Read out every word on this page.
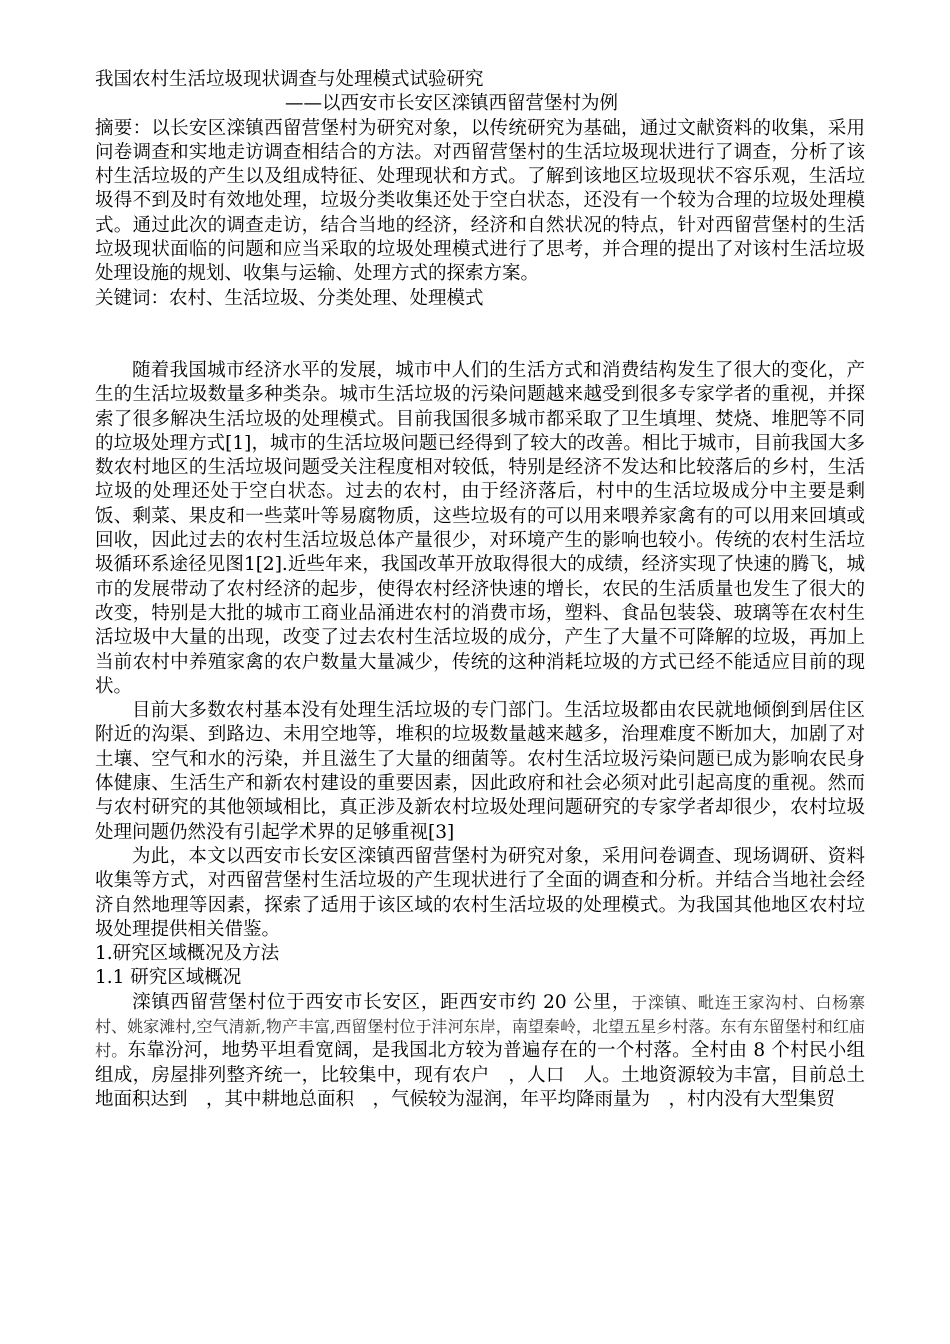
我国农村生活垃圾现状调查与处理模式试验研究

——以西安市长安区滦镇西留营堡村为例

摘要：以长安区滦镇西留营堡村为研究对象，以传统研究为基础，通过文献资料的收集，采用问卷调查和实地走访调查相结合的方法。对西留营堡村的生活垃圾现状进行了调查，分析了该村生活垃圾的产生以及组成特征、处理现状和方式。了解到该地区垃圾现状不容乐观，生活垃圾得不到及时有效地处理，垃圾分类收集还处于空白状态，还没有一个较为合理的垃圾处理模式。通过此次的调查走访，结合当地的经济，经济和自然状况的特点，针对西留营堡村的生活垃圾现状面临的问题和应当采取的垃圾处理模式进行了思考，并合理的提出了对该村生活垃圾处理设施的规划、收集与运输、处理方式的探索方案。

关键词：农村、生活垃圾、分类处理、处理模式

随着我国城市经济水平的发展，城市中人们的生活方式和消费结构发生了很大的变化，产生的生活垃圾数量多种类杂。城市生活垃圾的污染问题越来越受到很多专家学者的重视，并探索了很多解决生活垃圾的处理模式。目前我国很多城市都采取了卫生填埋、焚烧、堆肥等不同的垃圾处理方式[1]，城市的生活垃圾问题已经得到了较大的改善。相比于城市，目前我国大多数农村地区的生活垃圾问题受关注程度相对较低，特别是经济不发达和比较落后的乡村，生活垃圾的处理还处于空白状态。过去的农村，由于经济落后，村中的生活垃圾成分中主要是剩饭、剩菜、果皮和一些菜叶等易腐物质，这些垃圾有的可以用来喂养家禽有的可以用来回填或回收，因此过去的农村生活垃圾总体产量很少，对环境产生的影响也较小。传统的农村生活垃圾循环系途径见图1[2].近些年来，我国改革开放取得很大的成绩，经济实现了快速的腾飞，城市的发展带动了农村经济的起步，使得农村经济快速的增长，农民的生活质量也发生了很大的改变，特别是大批的城市工商业品涌进农村的消费市场，塑料、食品包装袋、玻璃等在农村生活垃圾中大量的出现，改变了过去农村生活垃圾的成分，产生了大量不可降解的垃圾，再加上当前农村中养殖家禽的农户数量大量减少，传统的这种消耗垃圾的方式已经不能适应目前的现状。

目前大多数农村基本没有处理生活垃圾的专门部门。生活垃圾都由农民就地倾倒到居住区附近的沟渠、到路边、未用空地等，堆积的垃圾数量越来越多，治理难度不断加大，加剧了对土壤、空气和水的污染，并且滋生了大量的细菌等。农村生活垃圾污染问题已成为影响农民身体健康、生活生产和新农村建设的重要因素，因此政府和社会必须对此引起高度的重视。然而与农村研究的其他领域相比，真正涉及新农村垃圾处理问题研究的专家学者却很少，农村垃圾处理问题仍然没有引起学术界的足够重视[3]

为此，本文以西安市长安区滦镇西留营堡村为研究对象，采用问卷调查、现场调研、资料收集等方式，对西留营堡村生活垃圾的产生现状进行了全面的调查和分析。并结合当地社会经济自然地理等因素，探索了适用于该区域的农村生活垃圾的处理模式。为我国其他地区农村垃圾处理提供相关借鉴。

1.研究区域概况及方法

1.1 研究区域概况

滦镇西留营堡村位于西安市长安区，距西安市约 20 公里，于滦镇、毗连王家沟村、白杨寨村、姚家滩村,空气清新,物产丰富,西留堡村位于沣河东岸，南望秦岭，北望五星乡村落。东有东留堡村和红庙村。东靠汾河，地势平坦看宽阔，是我国北方较为普遍存在的一个村落。全村由 8 个村民小组组成，房屋排列整齐统一，比较集中，现有农户　，人口　人。土地资源较为丰富，目前总土地面积达到　，其中耕地总面积　，气候较为湿润，年平均降雨量为　，村内没有大型集贸
